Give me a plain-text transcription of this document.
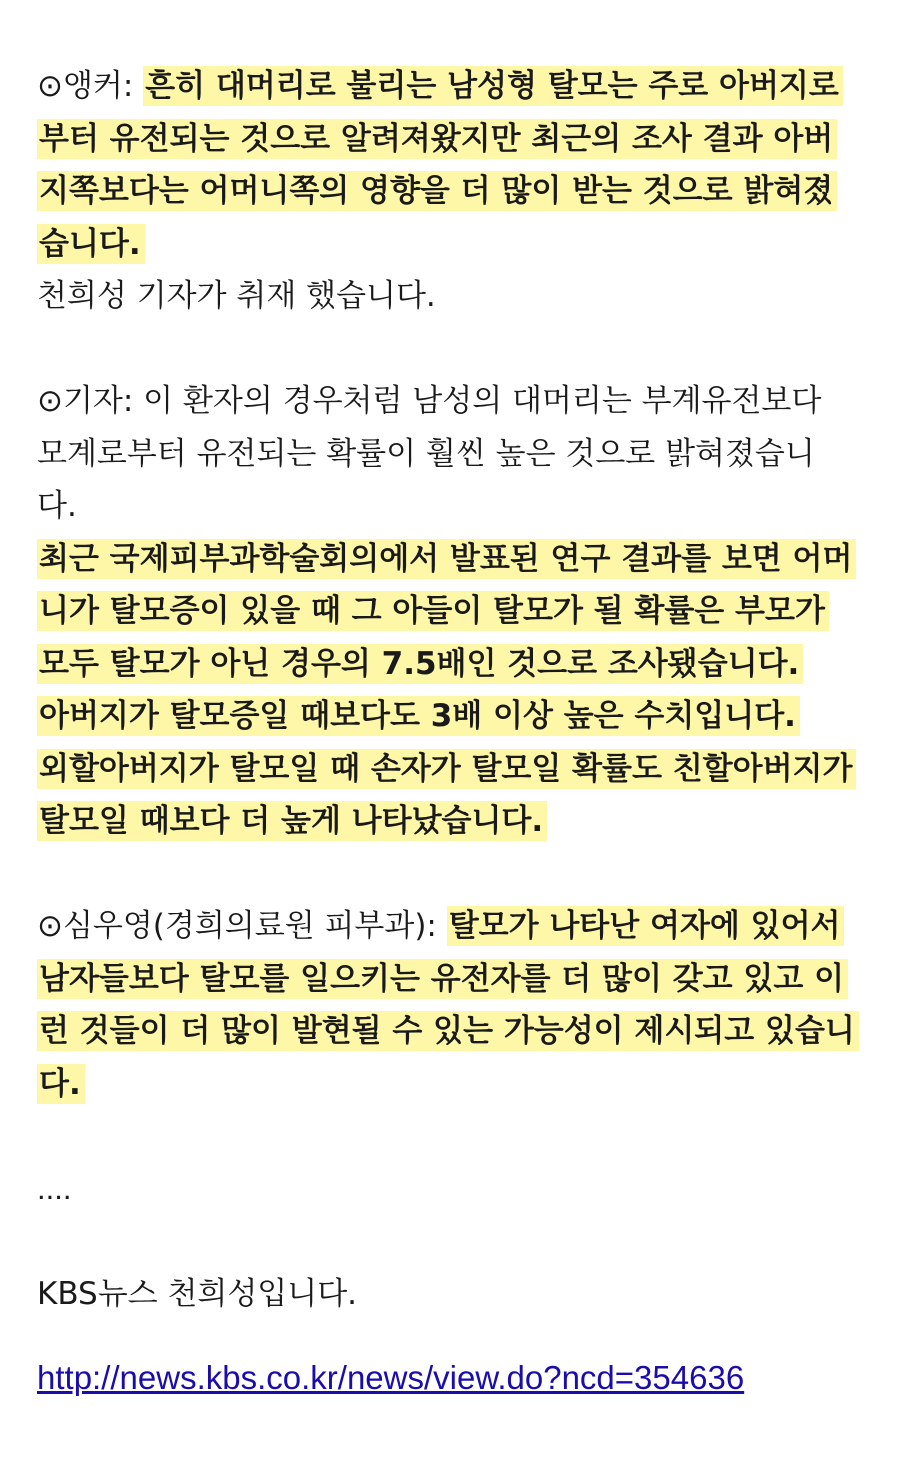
⊙앵커: 흔히 대머리로 불리는 남성형 탈모는 주로 아버지로
부터 유전되는 것으로 알려져왔지만 최근의 조사 결과 아버
지쪽보다는 어머니쪽의 영향을 더 많이 받는 것으로 밝혀졌
습니다.
천희성 기자가 취재 했습니다.
⊙기자: 이 환자의 경우처럼 남성의 대머리는 부계유전보다
모계로부터 유전되는 확률이 훨씬 높은 것으로 밝혀졌습니
다.
최근 국제피부과학술회의에서 발표된 연구 결과를 보면 어머
니가 탈모증이 있을 때 그 아들이 탈모가 될 확률은 부모가
모두 탈모가 아닌 경우의 7.5배인 것으로 조사됐습니다.
아버지가 탈모증일 때보다도 3배 이상 높은 수치입니다.
외할아버지가 탈모일 때 손자가 탈모일 확률도 친할아버지가
탈모일 때보다 더 높게 나타났습니다.
⊙심우영(경희의료원 피부과): 탈모가 나타난 여자에 있어서
남자들보다 탈모를 일으키는 유전자를 더 많이 갖고 있고 이
런 것들이 더 많이 발현될 수 있는 가능성이 제시되고 있습니
다.
....
KBS뉴스 천희성입니다.
http://news.kbs.co.kr/news/view.do?ncd=354636
